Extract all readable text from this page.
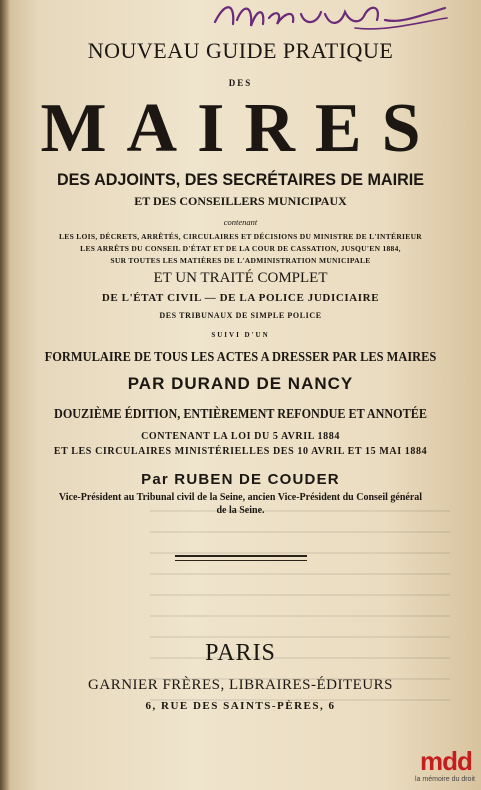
NOUVEAU GUIDE PRATIQUE
DES
MAIRES
DES ADJOINTS, DES SECRÉTAIRES DE MAIRIE
ET DES CONSEILLERS MUNICIPAUX
contenant
LES LOIS, DÉCRETS, ARRÊTÉS, CIRCULAIRES ET DÉCISIONS DU MINISTRE DE L'INTÉRIEUR
LES ARRÊTS DU CONSEIL D'ÉTAT ET DE LA COUR DE CASSATION, JUSQU'EN 1884,
SUR TOUTES LES MATIÈRES DE L'ADMINISTRATION MUNICIPALE
ET UN TRAITÉ COMPLET
DE L'ÉTAT CIVIL — DE LA POLICE JUDICIAIRE
DES TRIBUNAUX DE SIMPLE POLICE
SUIVI D'UN
FORMULAIRE DE TOUS LES ACTES A DRESSER PAR LES MAIRES
PAR DURAND DE NANCY
DOUZIÈME ÉDITION, ENTIÈREMENT REFONDUE ET ANNOTÉE
CONTENANT LA LOI DU 5 AVRIL 1884
ET LES CIRCULAIRES MINISTÉRIELLES DES 10 AVRIL ET 15 MAI 1884
Par RUBEN DE COUDER
Vice-Président au Tribunal civil de la Seine, ancien Vice-Président du Conseil général
de la Seine.
PARIS
GARNIER FRÈRES, LIBRAIRES-ÉDITEURS
6, RUE DES SAINTS-PÈRES, 6
mdd
la mémoire du droit
